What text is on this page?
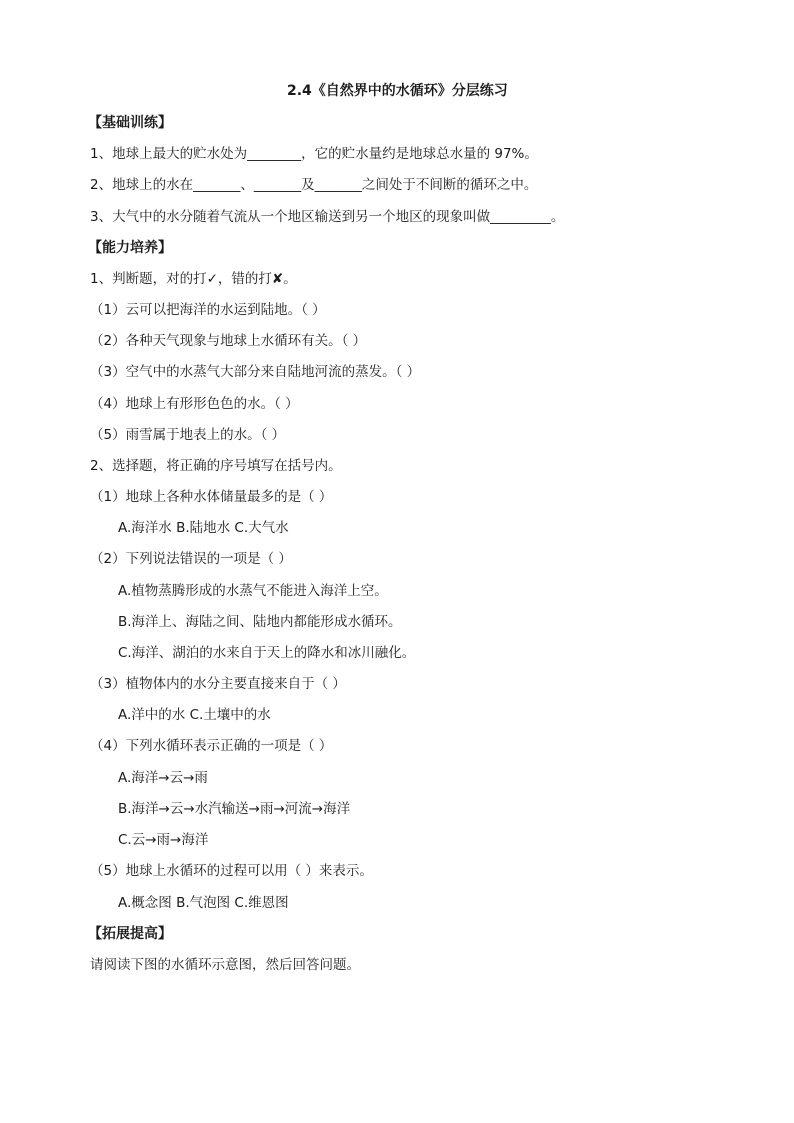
2.4《自然界中的水循环》分层练习
【基础训练】
1、地球上最大的贮水处为________，它的贮水量约是地球总水量的 97%。
2、地球上的水在_______、_______及_______之间处于不间断的循环之中。
3、大气中的水分随着气流从一个地区输送到另一个地区的现象叫做_________。
【能力培养】
1、判断题，对的打✓，错的打✘。
（1）云可以把海洋的水运到陆地。（ ）
（2）各种天气现象与地球上水循环有关。（ ）
（3）空气中的水蒸气大部分来自陆地河流的蒸发。（ ）
（4）地球上有形形色色的水。（ ）
（5）雨雪属于地表上的水。（ ）
2、选择题，将正确的序号填写在括号内。
（1）地球上各种水体储量最多的是（ ）
A.海洋水 B.陆地水 C.大气水
（2）下列说法错误的一项是（ ）
A.植物蒸腾形成的水蒸气不能进入海洋上空。
B.海洋上、海陆之间、陆地内都能形成水循环。
C.海洋、湖泊的水来自于天上的降水和冰川融化。
（3）植物体内的水分主要直接来自于（ ）
A.洋中的水 C.土壤中的水
（4）下列水循环表示正确的一项是（ ）
A.海洋→云→雨
B.海洋→云→水汽输送→雨→河流→海洋
C.云→雨→海洋
（5）地球上水循环的过程可以用（ ）来表示。
A.概念图 B.气泡图 C.维恩图
【拓展提高】
请阅读下图的水循环示意图，然后回答问题。
